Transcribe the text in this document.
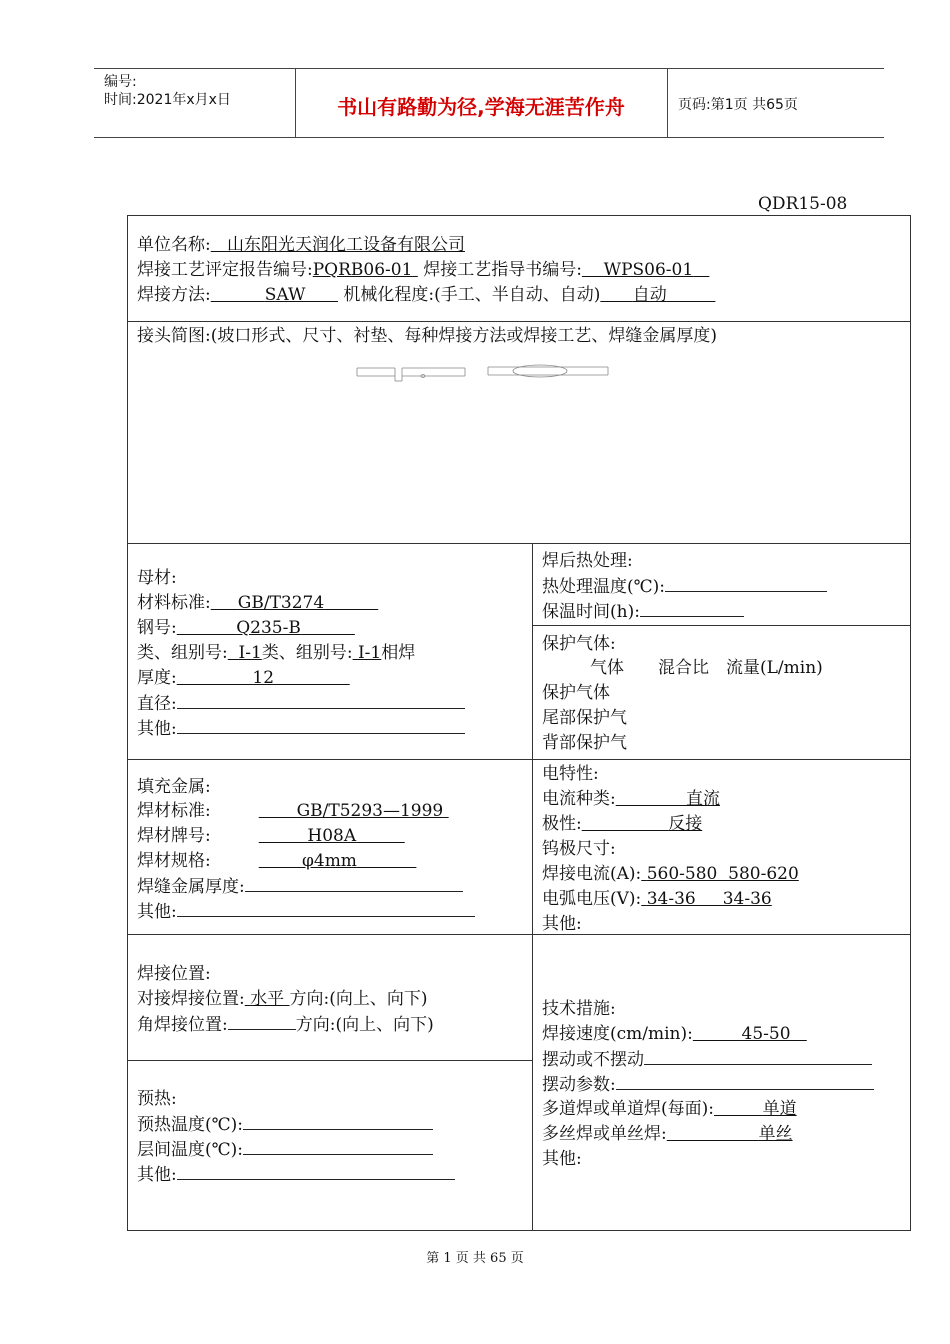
编号:
时间:2021年x月x日	书山有路勤为径,学海无涯苦作舟	页码:第1页 共65页
QDR15-08
单位名称: 山东阳光天润化工设备有限公司
焊接工艺评定报告编号:PQRB06-01 焊接工艺指导书编号: WPS06-01
焊接方法:	SAW 机械化程度:(手工、半自动、自动) 自动
接头简图:(坡口形式、尺寸、衬垫、每种焊接方法或焊接工艺、焊缝金属厚度)
母材:
材料标准: GB/T3274
钢号:	Q235-B
类、组别号: Ⅰ-1类、组别号: Ⅰ-1相焊
厚度:	12
直径:
其他:
焊后热处理:
热处理温度(℃):
保温时间(h):
保护气体:
气体　　混合比　流量(L/min)
保护气体
尾部保护气
背部保护气
填充金属:
焊材标准:	GB/T5293—1999
焊材牌号:	H08A
焊材规格:	φ4mm
焊缝金属厚度:
其他:
电特性:
电流种类:	直流
极性:	反接
钨极尺寸:
焊接电流(A): 560-580  580-620
电弧电压(V): 34-36     34-36
其他:
焊接位置:
对接焊接位置: 水平 方向:(向上、向下)
角焊接位置:	方向:(向上、向下)
预热:
预热温度(℃):
层间温度(℃):
其他:
技术措施:
焊接速度(cm/min):	45-50
摆动或不摆动
摆动参数:
多道焊或单道焊(每面):	单道
多丝焊或单丝焊:	单丝
其他:
第 1 页 共 65 页
